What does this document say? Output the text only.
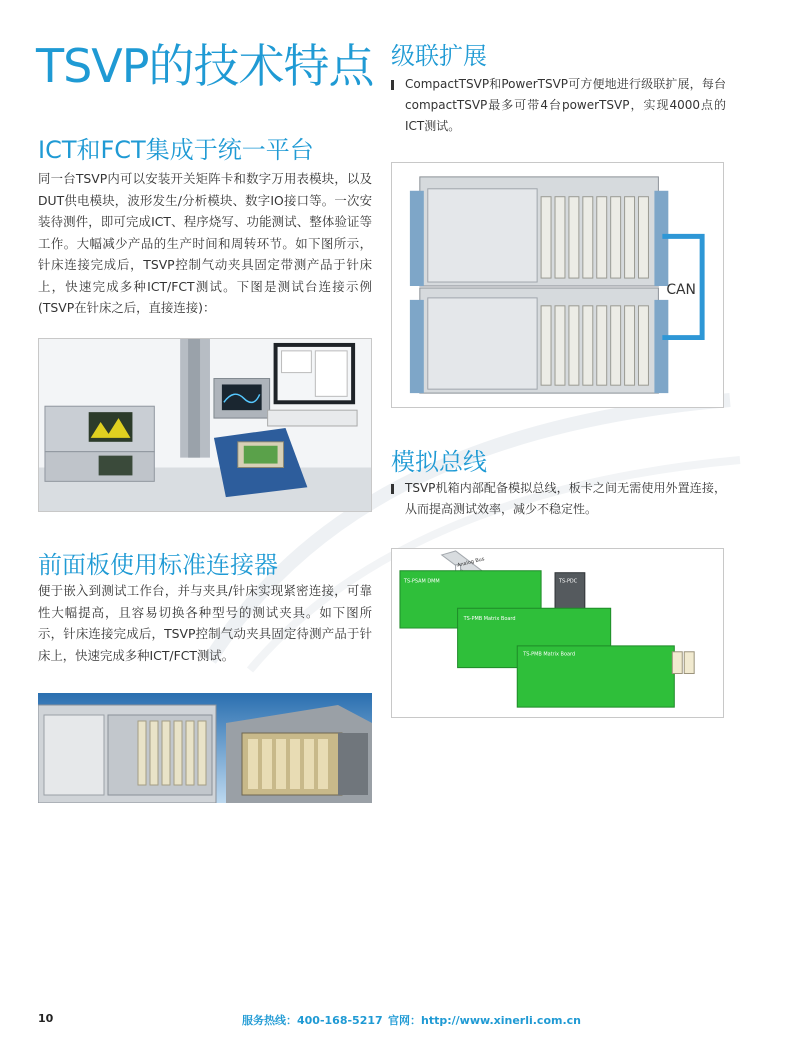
TSVP的技术特点
ICT和FCT集成于统一平台

同一台TSVP内可以安装开关矩阵卡和数字万用表模块，以及DUT供电模块，波形发生/分析模块、数字IO接口等。一次安装待测件，即可完成ICT、程序烧写、功能测试、整体验证等工作。大幅减少产品的生产时间和周转环节。如下图所示，针床连接完成后，TSVP控制气动夹具固定带测产品于针床上，快速完成多种ICT/FCT测试。下图是测试台连接示例 (TSVP在针床之后，直接连接)：

前面板使用标准连接器

便于嵌入到测试工作台，并与夹具/针床实现紧密连接，可靠性大幅提高，且容易切换各种型号的测试夹具。如下图所示，针床连接完成后，TSVP控制气动夹具固定待测产品于针床上，快速完成多种ICT/FCT测试。

级联扩展
CompactTSVP和PowerTSVP可方便地进行级联扩展，每台compactTSVP最多可带4台powerTSVP，实现4000点的ICT测试。
CAN
模拟总线
TSVP机箱内部配备模拟总线，板卡之间无需使用外置连接，从而提高测试效率，减少不稳定性。
Analog Bus
TS-PSAM DMM	TS-PDC
TS-PMB Matrix Board
TS-PMB Matrix Board
RTMs Rear I/O
10	服务热线：400-168-5217 官网：http://www.xinerli.com.cn
